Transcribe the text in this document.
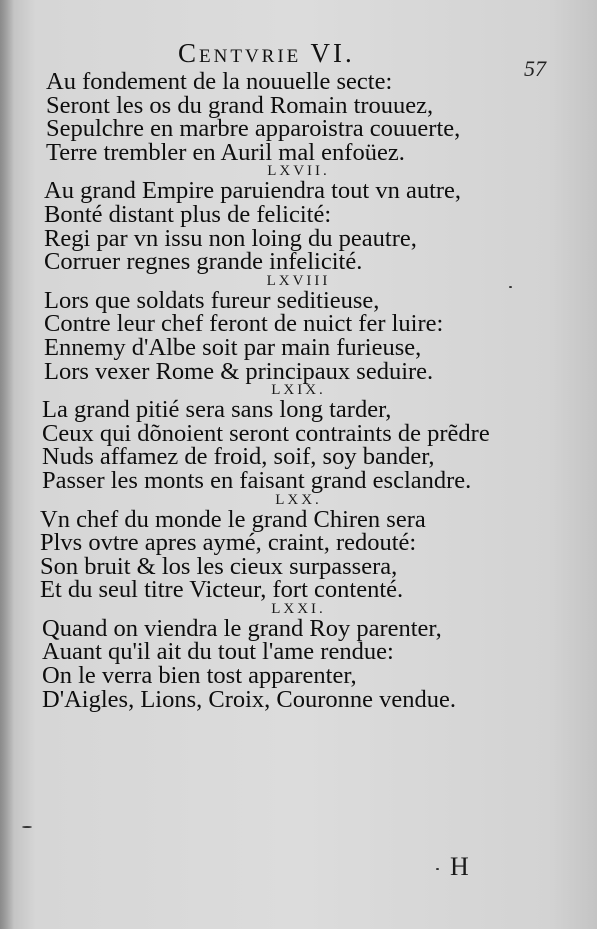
Centvrie VI.
57
Au fondement de la nouuelle secte:
Seront les os du grand Romain trouuez,
Sepulchre en marbre apparoistra couuerte,
Terre trembler en Auril mal enfoüez.
LXVII.
Au grand Empire paruiendra tout vn autre,
Bonté distant plus de felicité:
Regi par vn issu non loing du peautre,
Corruer regnes grande infelicité.
LXVIII
Lors que soldats fureur seditieuse,
Contre leur chef feront de nuict fer luire:
Ennemy d'Albe soit par main furieuse,
Lors vexer Rome & principaux seduire.
LXIX.
La grand pitié sera sans long tarder,
Ceux qui dõnoient seront contraints de prẽdre
Nuds affamez de froid, soif, soy bander,
Passer les monts en faisant grand esclandre.
LXX.
Vn chef du monde le grand Chiren sera
Plvs ovtre apres aymé, craint, redouté:
Son bruit & los les cieux surpassera,
Et du seul titre Victeur, fort contenté.
LXXI.
Quand on viendra le grand Roy parenter,
Auant qu'il ait du tout l'ame rendue:
On le verra bien tost apparenter,
D'Aigles, Lions, Croix, Couronne vendue.
H
